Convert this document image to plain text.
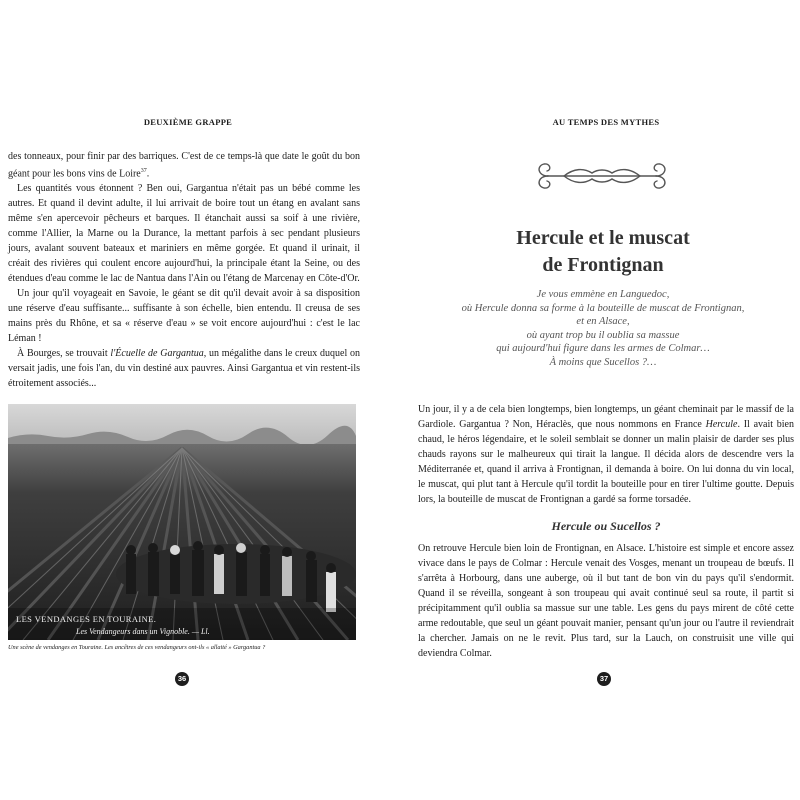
DEUXIÈME GRAPPE

des tonneaux, pour finir par des barriques. C'est de ce temps-là que date le goût du bon géant pour les bons vins de Loire$^{37}$.

Les quantités vous étonnent ? Ben oui, Gargantua n'était pas un bébé comme les autres. Et quand il devint adulte, il lui arrivait de boire tout un étang en avalant sans même s'en apercevoir pêcheurs et barques. Il étanchait aussi sa soif à une rivière, comme l'Allier, la Marne ou la Durance, la mettant parfois à sec pendant plusieurs jours, avalant souvent bateaux et mariniers en même gorgée. Et quand il urinait, il créait des rivières qui coulent encore aujourd'hui, la principale étant la Seine, ou des étendues d'eau comme le lac de Nantua dans l'Ain ou l'étang de Marcenay en Côte-d'Or.

Un jour qu'il voyageait en Savoie, le géant se dit qu'il devait avoir à sa disposition une réserve d'eau suffisante... suffisante à son échelle, bien entendu. Il creusa de ses mains près du Rhône, et sa « réserve d'eau » se voit encore aujourd'hui : c'est le lac Léman !

À Bourges, se trouvait l'Écuelle de Gargantua, un mégalithe dans le creux duquel on versait jadis, une fois l'an, du vin destiné aux pauvres. Ainsi Gargantua et vin restent-ils étroitement associés...

LES VENDANGES EN TOURAINE.
Les Vendangeurs dans un Vignoble. — Ll.
Une scène de vendanges en Touraine. Les ancêtres de ces vendangeurs ont-ils « allaité » Gargantua ?
36
AU TEMPS DES MYTHES
Hercule et le muscat
de Frontignan
Je vous emmène en Languedoc,
où Hercule donna sa forme à la bouteille de muscat de Frontignan,
et en Alsace,
où ayant trop bu il oublia sa massue
qui aujourd'hui figure dans les armes de Colmar…
À moins que Sucellos ?…

Un jour, il y a de cela bien longtemps, bien longtemps, un géant cheminait par le massif de la Gardiole. Gargantua ? Non, Héraclès, que nous nommons en France Hercule. Il avait bien chaud, le héros légendaire, et le soleil semblait se donner un malin plaisir de darder ses plus chauds rayons sur le malheureux qui tirait la langue. Il décida alors de descendre vers la Méditerranée et, quand il arriva à Frontignan, il demanda à boire. On lui donna du vin local, le muscat, qui plut tant à Hercule qu'il tordit la bouteille pour en tirer l'ultime goutte. Depuis lors, la bouteille de muscat de Frontignan a gardé sa forme torsadée.

Hercule ou Sucellos ?

On retrouve Hercule bien loin de Frontignan, en Alsace. L'histoire est simple et encore assez vivace dans le pays de Colmar : Hercule venait des Vosges, menant un troupeau de bœufs. Il s'arrêta à Horbourg, dans une auberge, où il but tant de bon vin du pays qu'il s'endormit. Quand il se réveilla, songeant à son troupeau qui avait continué seul sa route, il partit si précipitamment qu'il oublia sa massue sur une table. Les gens du pays mirent de côté cette arme redoutable, que seul un géant pouvait manier, pensant qu'un jour ou l'autre il reviendrait la chercher. Jamais on ne le revit. Plus tard, sur la Lauch, on construisit une ville qui deviendra Colmar.

37
